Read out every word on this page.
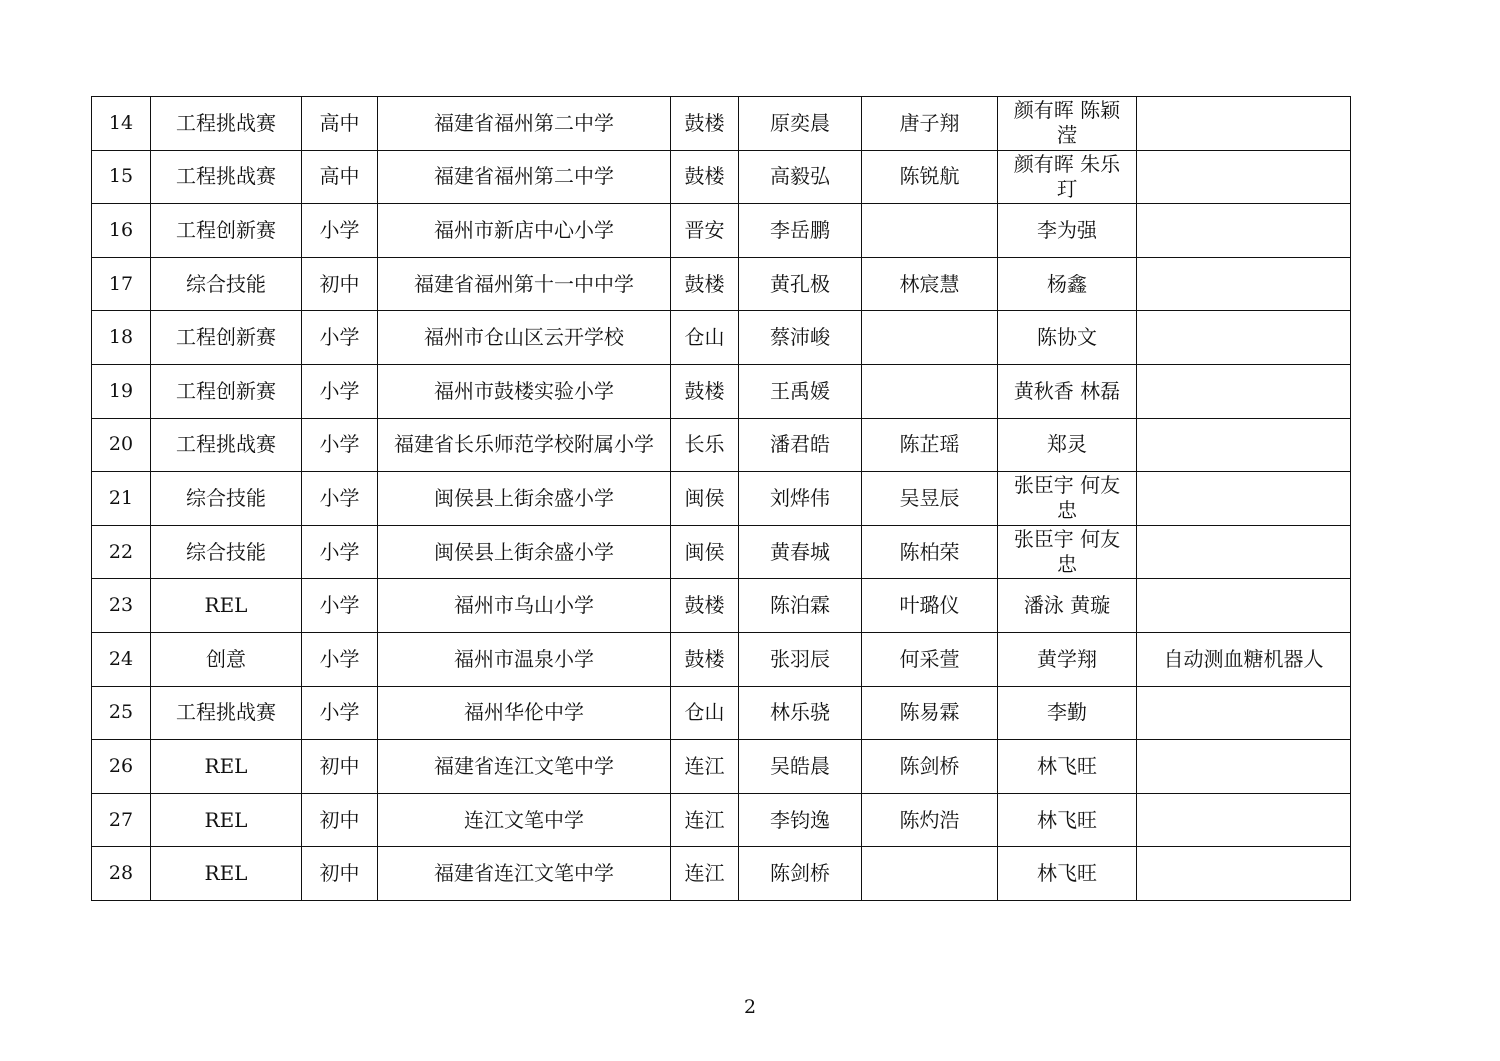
14	工程挑战赛	高中	福建省福州第二中学	鼓楼	原奕晨	唐子翔	颜有晖 陈颖滢	
15	工程挑战赛	高中	福建省福州第二中学	鼓楼	高毅弘	陈锐航	颜有晖 朱乐玎	
16	工程创新赛	小学	福州市新店中心小学	晋安	李岳鹏		李为强	
17	综合技能	初中	福建省福州第十一中中学	鼓楼	黄孔极	林宸慧	杨鑫	
18	工程创新赛	小学	福州市仓山区云开学校	仓山	蔡沛峻		陈协文	
19	工程创新赛	小学	福州市鼓楼实验小学	鼓楼	王禹媛		黄秋香 林磊	
20	工程挑战赛	小学	福建省长乐师范学校附属小学	长乐	潘君皓	陈芷瑶	郑灵	
21	综合技能	小学	闽侯县上街余盛小学	闽侯	刘烨伟	吴昱辰	张臣宇 何友忠	
22	综合技能	小学	闽侯县上街余盛小学	闽侯	黄春城	陈柏荣	张臣宇 何友忠	
23	REL	小学	福州市乌山小学	鼓楼	陈泊霖	叶璐仪	潘泳 黄璇	
24	创意	小学	福州市温泉小学	鼓楼	张羽辰	何采萱	黄学翔	自动测血糖机器人
25	工程挑战赛	小学	福州华伦中学	仓山	林乐骁	陈易霖	李勤	
26	REL	初中	福建省连江文笔中学	连江	吴皓晨	陈剑桥	林飞旺	
27	REL	初中	连江文笔中学	连江	李钧逸	陈灼浩	林飞旺	
28	REL	初中	福建省连江文笔中学	连江	陈剑桥		林飞旺	
2
